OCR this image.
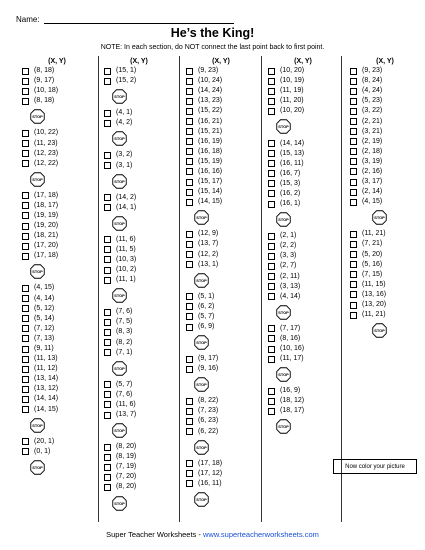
Name:
He’s the King!
NOTE: In each section, do NOT connect the last point back to first point.
(X, Y)
(8, 18)
(9, 17)
(10, 18)
(8, 18)
STOP
(10, 22)
(11, 23)
(12, 23)
(12, 22)
STOP
(17, 18)
(18, 17)
(19, 19)
(19, 20)
(18, 21)
(17, 20)
(17, 18)
STOP
(4, 15)
(4, 14)
(5, 12)
(5, 14)
(7, 12)
(7, 13)
(9, 11)
(11, 13)
(11, 12)
(13, 14)
(13, 12)
(14, 14)
(14, 15)
STOP
(20, 1)
(0, 1)
STOP
(X, Y)
(15, 1)
(15, 2)
STOP
(4, 1)
(4, 2)
STOP
(3, 2)
(3, 1)
STOP
(14, 2)
(14, 1)
STOP
(11, 6)
(11, 5)
(10, 3)
(10, 2)
(11, 1)
STOP
(7, 6)
(7, 5)
(8, 3)
(8, 2)
(7, 1)
STOP
(5, 7)
(7, 6)
(11, 6)
(13, 7)
STOP
(8, 20)
(8, 19)
(7, 19)
(7, 20)
(8, 20)
STOP
(X, Y)
(9, 23)
(10, 24)
(14, 24)
(13, 23)
(15, 22)
(16, 21)
(15, 21)
(16, 19)
(16, 18)
(15, 19)
(16, 16)
(15, 17)
(15, 14)
(14, 15)
STOP
(12, 9)
(13, 7)
(12, 2)
(13, 1)
STOP
(5, 1)
(6, 2)
(5, 7)
(6, 9)
STOP
(9, 17)
(9, 16)
STOP
(8, 22)
(7, 23)
(6, 23)
(6, 22)
STOP
(17, 18)
(17, 12)
(16, 11)
STOP
(X, Y)
(10, 20)
(10, 19)
(11, 19)
(11, 20)
(10, 20)
STOP
(14, 14)
(15, 13)
(16, 11)
(16, 7)
(15, 3)
(16, 2)
(16, 1)
STOP
(2, 1)
(2, 2)
(3, 3)
(2, 7)
(2, 11)
(3, 13)
(4, 14)
STOP
(7, 17)
(8, 16)
(10, 16)
(11, 17)
STOP
(16, 9)
(18, 12)
(18, 17)
STOP
(X, Y)
(9, 23)
(8, 24)
(4, 24)
(5, 23)
(3, 22)
(2, 21)
(3, 21)
(2, 19)
(2, 18)
(3, 19)
(2, 16)
(3, 17)
(2, 14)
(4, 15)
STOP
(11, 21)
(7, 21)
(5, 20)
(5, 16)
(7, 15)
(11, 15)
(13, 16)
(13, 20)
(11, 21)
STOP
Now color your picture
Super Teacher Worksheets - www.superteacherworksheets.com
